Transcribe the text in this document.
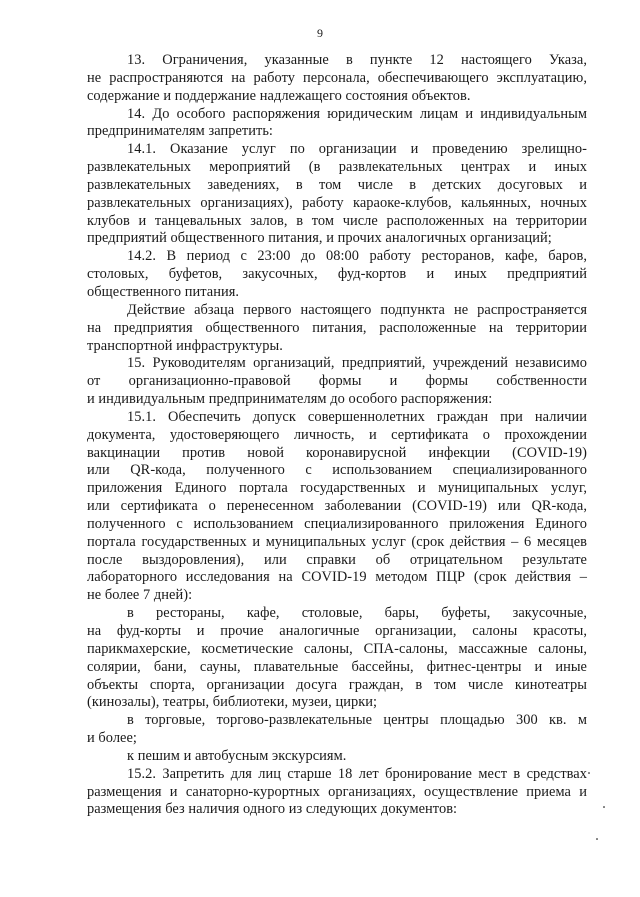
9
13. Ограничения, указанные в пункте 12 настоящего Указа,
не распространяются на работу персонала, обеспечивающего эксплуатацию,
содержание и поддержание надлежащего состояния объектов.
14. До особого распоряжения юридическим лицам и индивидуальным
предпринимателям запретить:
14.1. Оказание услуг по организации и проведению зрелищно-
развлекательных мероприятий (в развлекательных центрах и иных
развлекательных заведениях, в том числе в детских досуговых и
развлекательных организациях), работу караоке-клубов, кальянных, ночных
клубов и танцевальных залов, в том числе расположенных на территории
предприятий общественного питания, и прочих аналогичных организаций;
14.2. В период с 23:00 до 08:00 работу ресторанов, кафе, баров,
столовых, буфетов, закусочных, фуд-кортов и иных предприятий
общественного питания.
Действие абзаца первого настоящего подпункта не распространяется
на предприятия общественного питания, расположенные на территории
транспортной инфраструктуры.
15. Руководителям организаций, предприятий, учреждений независимо
от организационно-правовой формы и формы собственности
и индивидуальным предпринимателям до особого распоряжения:
15.1. Обеспечить допуск совершеннолетних граждан при наличии
документа, удостоверяющего личность, и сертификата о прохождении
вакцинации против новой коронавирусной инфекции (COVID-19)
или QR-кода, полученного с использованием специализированного
приложения Единого портала государственных и муниципальных услуг,
или сертификата о перенесенном заболевании (COVID-19) или QR-кода,
полученного с использованием специализированного приложения Единого
портала государственных и муниципальных услуг (срок действия – 6 месяцев
после выздоровления), или справки об отрицательном результате
лабораторного исследования на COVID-19 методом ПЦР (срок действия –
не более 7 дней):
в рестораны, кафе, столовые, бары, буфеты, закусочные,
на фуд-корты и прочие аналогичные организации, салоны красоты,
парикмахерские, косметические салоны, СПА-салоны, массажные салоны,
солярии, бани, сауны, плавательные бассейны, фитнес-центры и иные
объекты спорта, организации досуга граждан, в том числе кинотеатры
(кинозалы), театры, библиотеки, музеи, цирки;
в торговые, торгово-развлекательные центры площадью 300 кв. м
и более;
к пешим и автобусным экскурсиям.
15.2. Запретить для лиц старше 18 лет бронирование мест в средствах
размещения и санаторно-курортных организациях, осуществление приема и
размещения без наличия одного из следующих документов:
